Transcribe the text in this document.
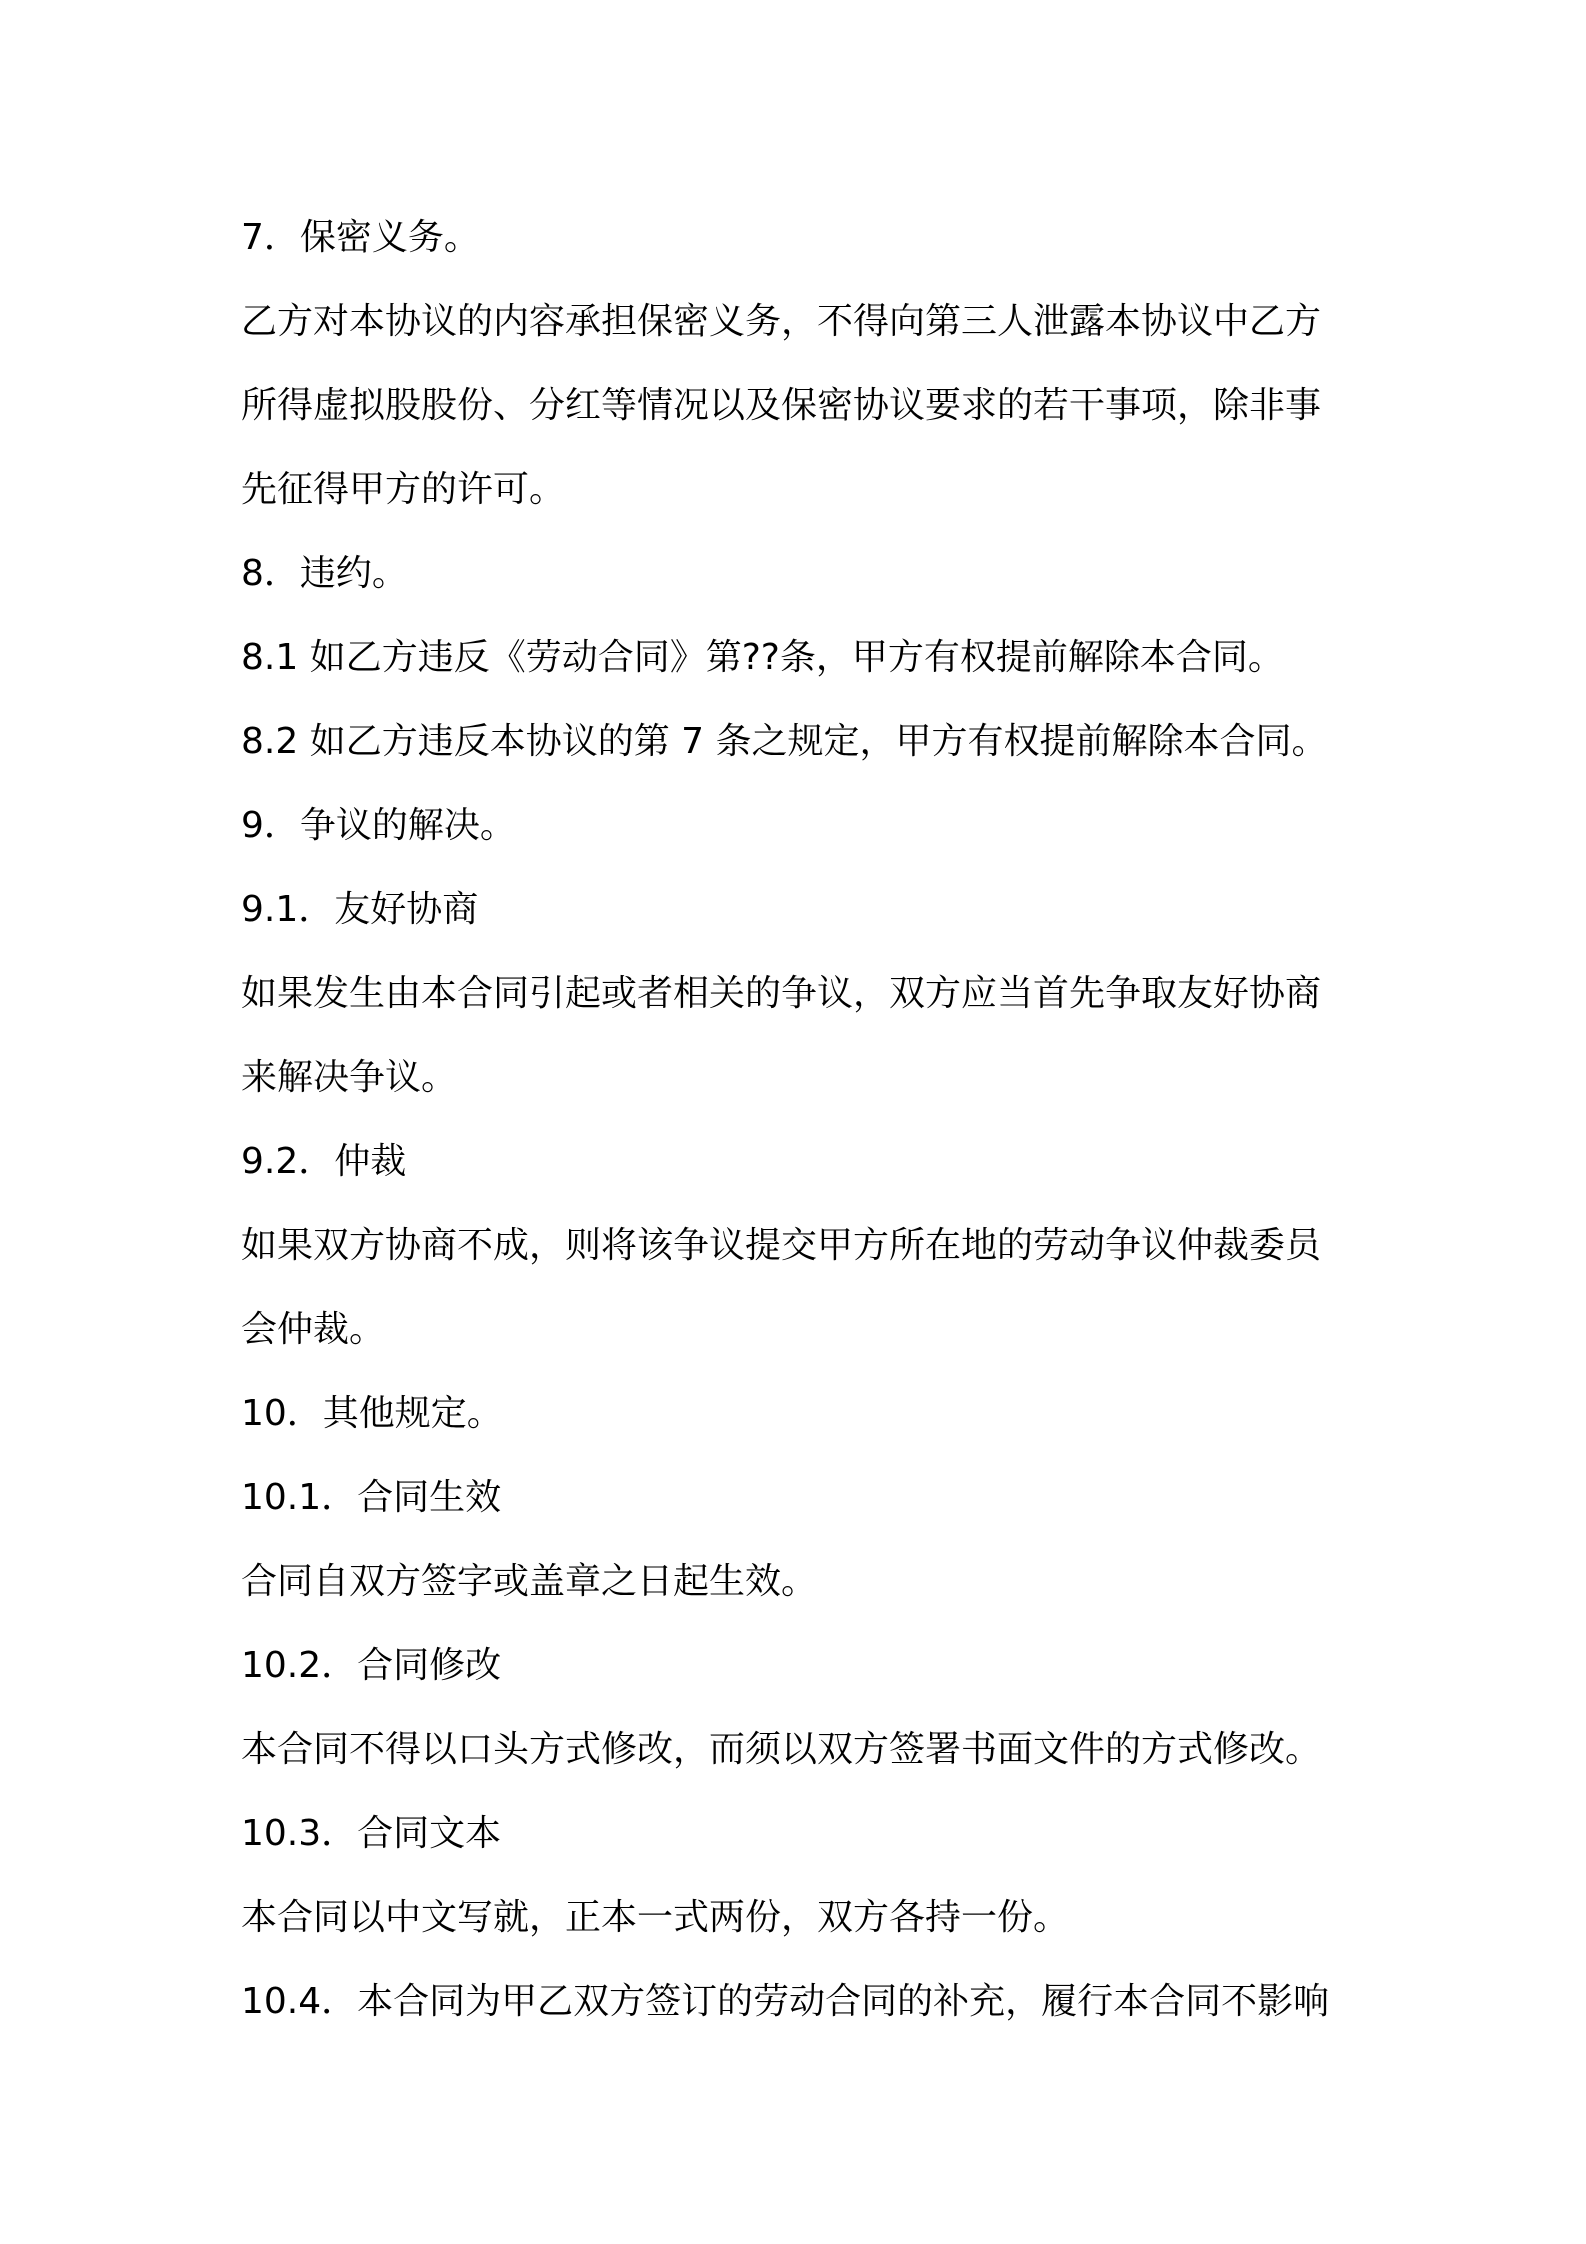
7．保密义务。
乙方对本协议的内容承担保密义务，不得向第三人泄露本协议中乙方
所得虚拟股股份、分红等情况以及保密协议要求的若干事项，除非事
先征得甲方的许可。
8．违约。
8.1 如乙方违反《劳动合同》第??条，甲方有权提前解除本合同。
8.2 如乙方违反本协议的第 7 条之规定，甲方有权提前解除本合同。
9．争议的解决。
9.1．友好协商
如果发生由本合同引起或者相关的争议，双方应当首先争取友好协商
来解决争议。
9.2．仲裁
如果双方协商不成，则将该争议提交甲方所在地的劳动争议仲裁委员
会仲裁。
10．其他规定。
10.1．合同生效
合同自双方签字或盖章之日起生效。
10.2．合同修改
本合同不得以口头方式修改，而须以双方签署书面文件的方式修改。
10.3．合同文本
本合同以中文写就，正本一式两份，双方各持一份。
10.4．本合同为甲乙双方签订的劳动合同的补充，履行本合同不影响
